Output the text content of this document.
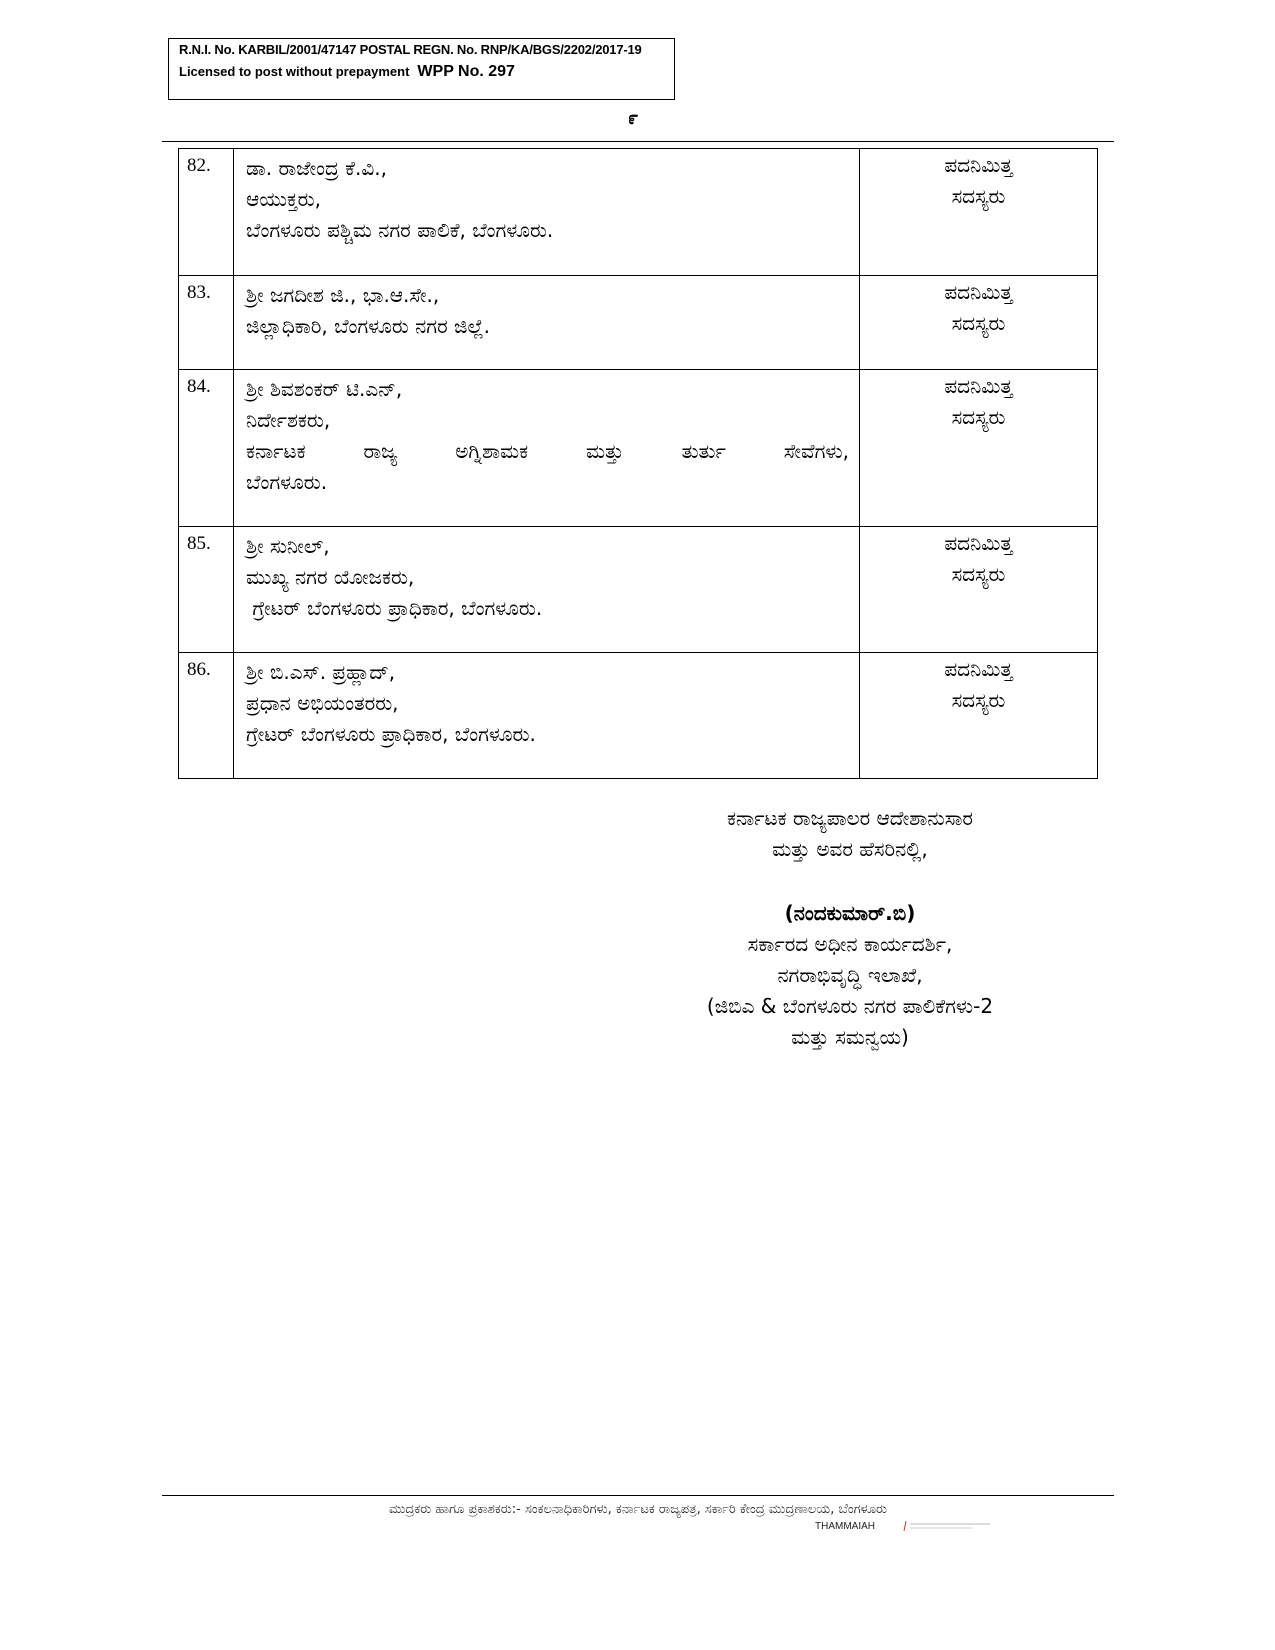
R.N.I. No. KARBIL/2001/47147 POSTAL REGN. No. RNP/KA/BGS/2202/2017-19
Licensed to post without prepayment WPP No. 297
೯
82.	ಡಾ. ರಾಜೇಂದ್ರ ಕೆ.ವಿ.,
ಆಯುಕ್ತರು,
ಬೆಂಗಳೂರು ಪಶ್ಚಿಮ ನಗರ ಪಾಲಿಕೆ, ಬೆಂಗಳೂರು.	ಪದನಿಮಿತ್ತ
ಸದಸ್ಯರು

83.	ಶ್ರೀ ಜಗದೀಶ ಜಿ., ಭಾ.ಆ.ಸೇ.,
ಜಿಲ್ಲಾಧಿಕಾರಿ, ಬೆಂಗಳೂರು ನಗರ ಜಿಲ್ಲೆ.	ಪದನಿಮಿತ್ತ
ಸದಸ್ಯರು

84.	ಶ್ರೀ ಶಿವಶಂಕರ್ ಟಿ.ಎನ್,
ನಿರ್ದೇಶಕರು,
ಕರ್ನಾಟಕ ರಾಜ್ಯ ಅಗ್ನಿಶಾಮಕ ಮತ್ತು ತುರ್ತು ಸೇವೆಗಳು,
ಬೆಂಗಳೂರು.	ಪದನಿಮಿತ್ತ
ಸದಸ್ಯರು

85.	ಶ್ರೀ ಸುನೀಲ್,
ಮುಖ್ಯ ನಗರ ಯೋಜಕರು,
ಗ್ರೇಟರ್ ಬೆಂಗಳೂರು ಪ್ರಾಧಿಕಾರ, ಬೆಂಗಳೂರು.	ಪದನಿಮಿತ್ತ
ಸದಸ್ಯರು

86.	ಶ್ರೀ ಬಿ.ಎಸ್. ಪ್ರಹ್ಲಾದ್,
ಪ್ರಧಾನ ಅಭಿಯಂತರರು,
ಗ್ರೇಟರ್ ಬೆಂಗಳೂರು ಪ್ರಾಧಿಕಾರ, ಬೆಂಗಳೂರು.	ಪದನಿಮಿತ್ತ
ಸದಸ್ಯರು
ಕರ್ನಾಟಕ ರಾಜ್ಯಪಾಲರ ಆದೇಶಾನುಸಾರ
ಮತ್ತು ಅವರ ಹೆಸರಿನಲ್ಲಿ,
(ನಂದಕುಮಾರ್.ಬಿ)
ಸರ್ಕಾರದ ಅಧೀನ ಕಾರ್ಯದರ್ಶಿ,
ನಗರಾಭಿವೃದ್ಧಿ ಇಲಾಖೆ,
(ಜಿಬಿಎ & ಬೆಂಗಳೂರು ನಗರ ಪಾಲಿಕೆಗಳು-2
ಮತ್ತು ಸಮನ್ವಯ)
ಮುದ್ರಕರು ಹಾಗೂ ಪ್ರಕಾಶಕರು:- ಸಂಕಲನಾಧಿಕಾರಿಗಳು, ಕರ್ನಾಟಕ ರಾಜ್ಯಪತ್ರ, ಸರ್ಕಾರಿ ಕೇಂದ್ರ ಮುದ್ರಣಾಲಯ, ಬೆಂಗಳೂರು
THAMMAIAH
